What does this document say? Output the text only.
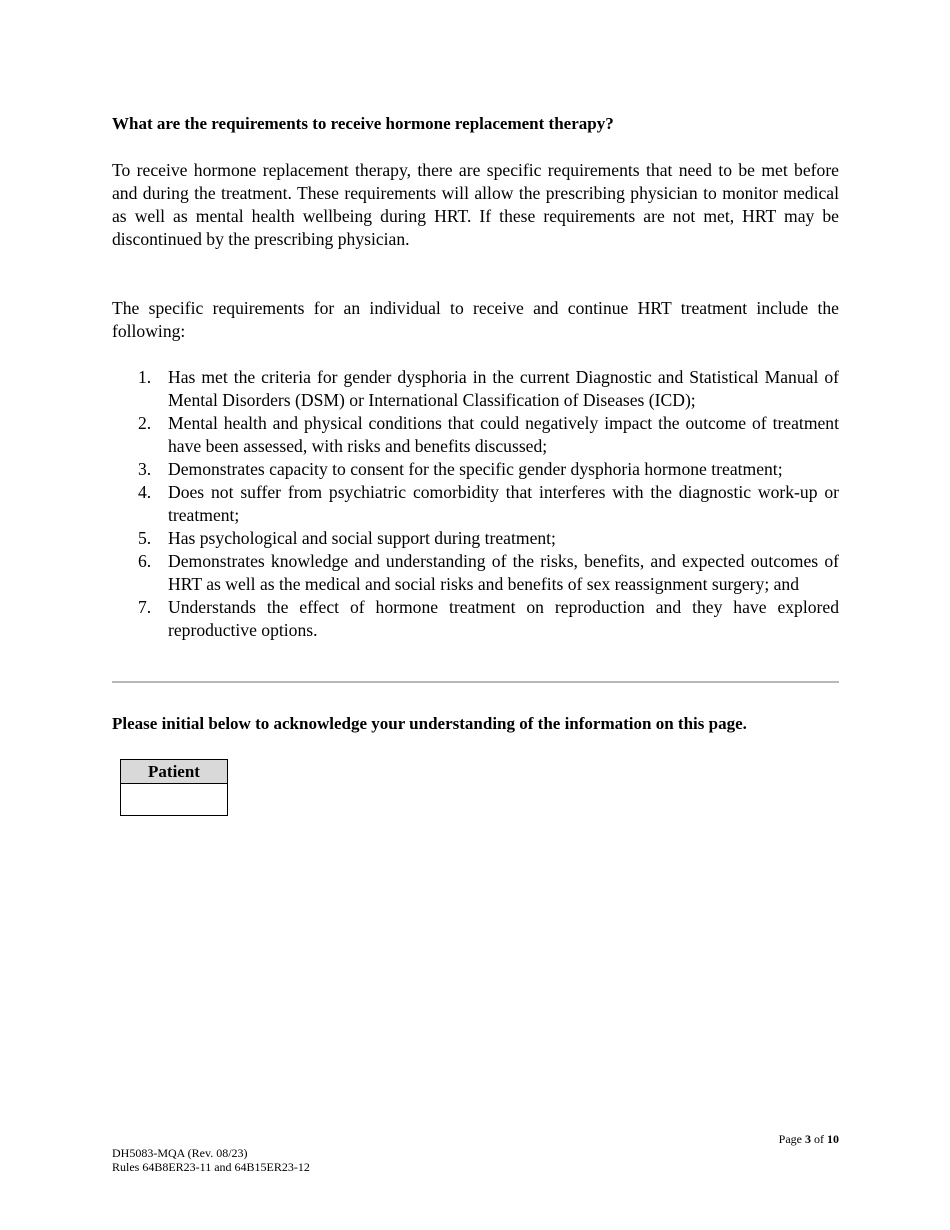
What are the requirements to receive hormone replacement therapy?

To receive hormone replacement therapy, there are specific requirements that need to be met before and during the treatment. These requirements will allow the prescribing physician to monitor medical as well as mental health wellbeing during HRT. If these requirements are not met, HRT may be discontinued by the prescribing physician.

The specific requirements for an individual to receive and continue HRT treatment include the following:

1. Has met the criteria for gender dysphoria in the current Diagnostic and Statistical Manual of Mental Disorders (DSM) or International Classification of Diseases (ICD);
2. Mental health and physical conditions that could negatively impact the outcome of treatment have been assessed, with risks and benefits discussed;
3. Demonstrates capacity to consent for the specific gender dysphoria hormone treatment;
4. Does not suffer from psychiatric comorbidity that interferes with the diagnostic work-up or treatment;
5. Has psychological and social support during treatment;
6. Demonstrates knowledge and understanding of the risks, benefits, and expected outcomes of HRT as well as the medical and social risks and benefits of sex reassignment surgery; and
7. Understands the effect of hormone treatment on reproduction and they have explored reproductive options.

Please initial below to acknowledge your understanding of the information on this page.

Patient
Page 3 of 10
DH5083-MQA (Rev. 08/23)
Rules 64B8ER23-11 and 64B15ER23-12
